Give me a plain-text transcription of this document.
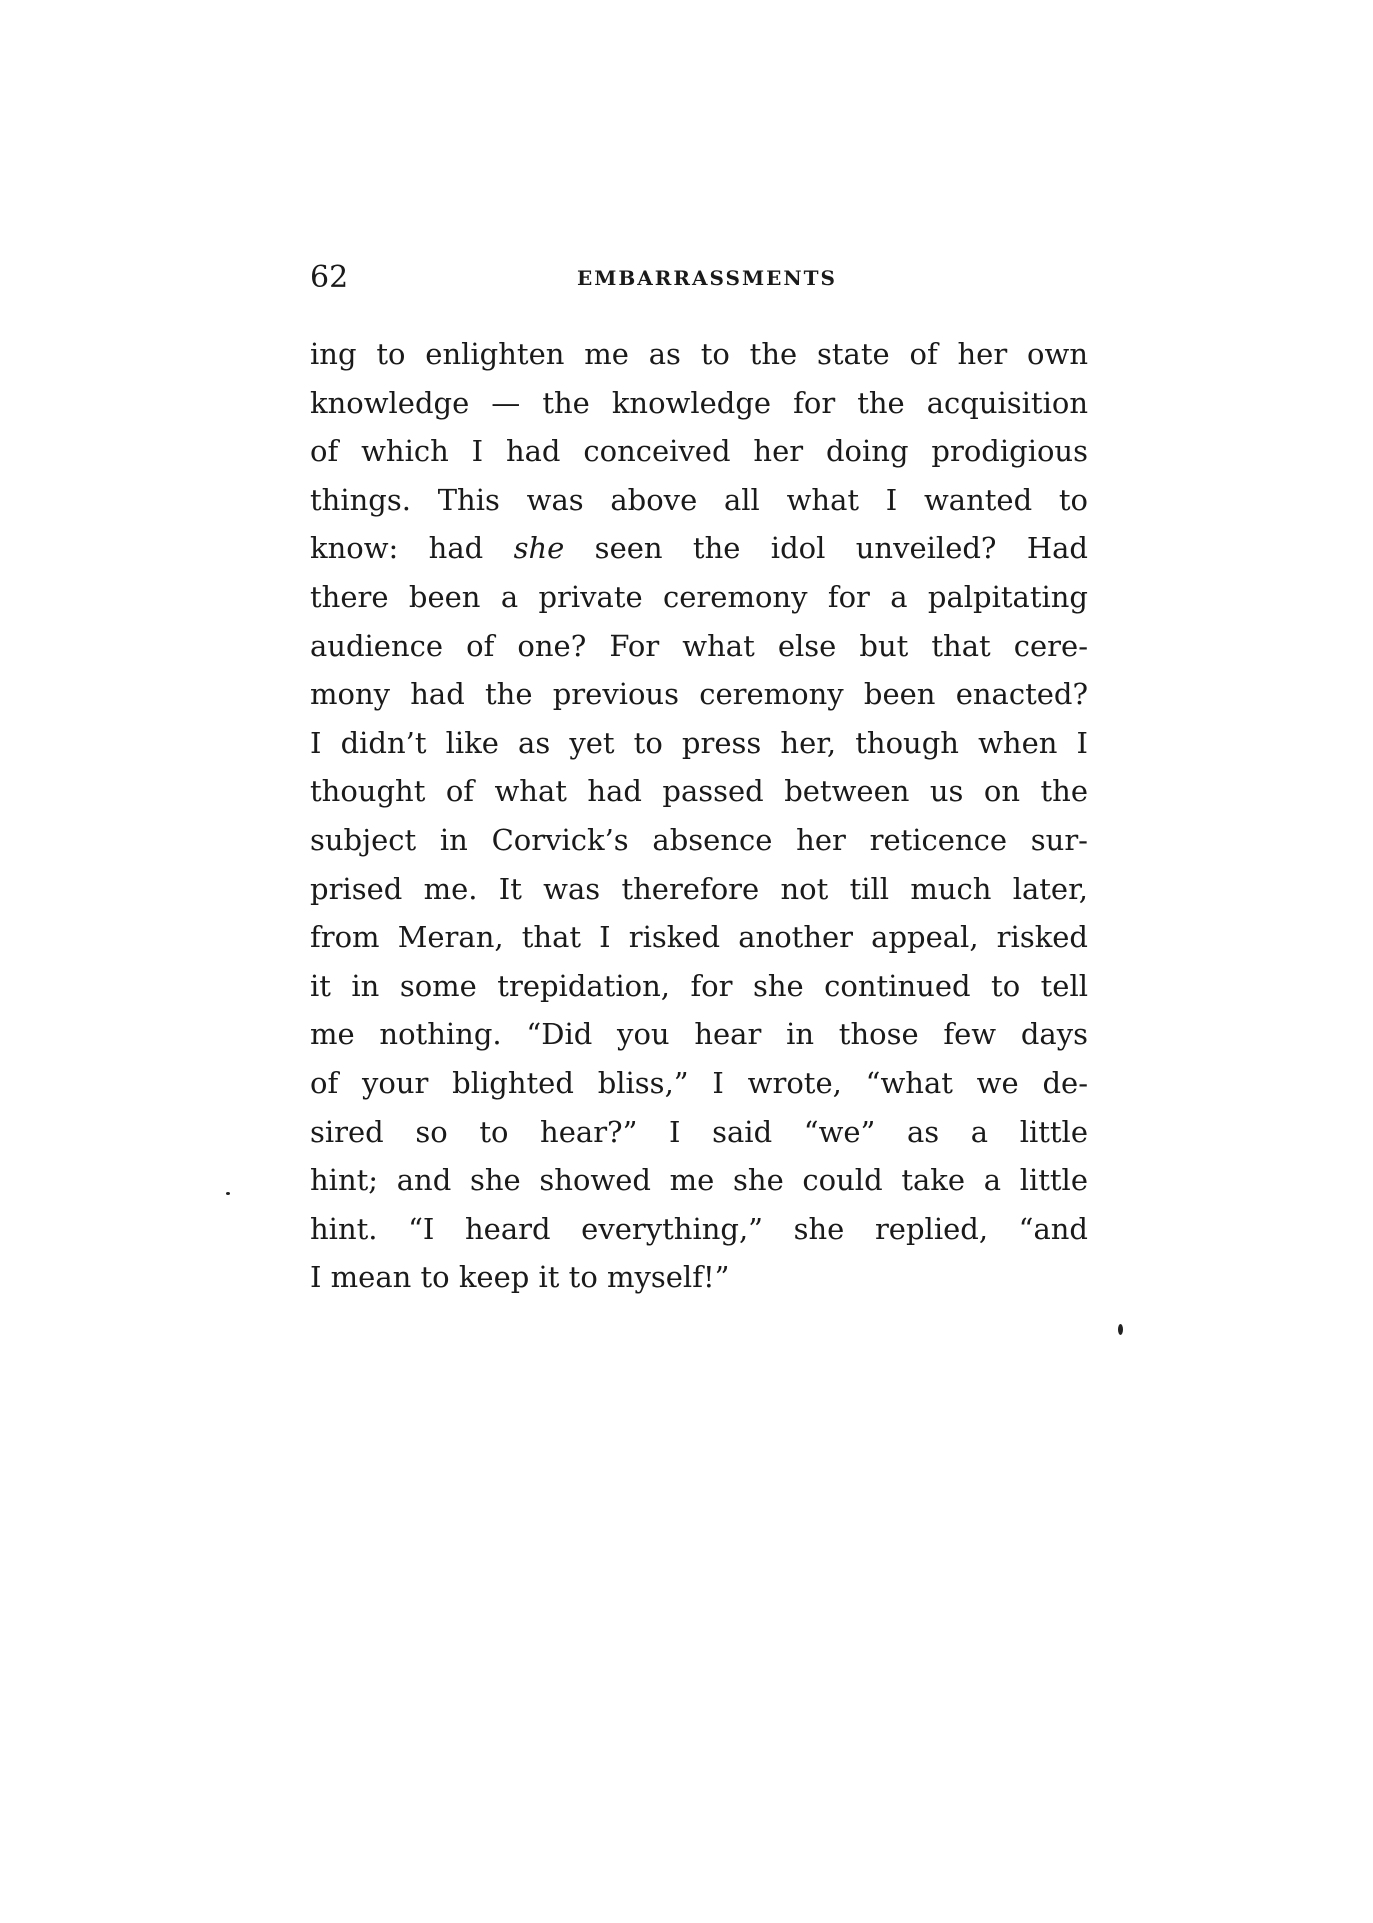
62	EMBARRASSMENTS
ing to enlighten me as to the state of her own
knowledge — the knowledge for the acquisition
of which I had conceived her doing prodigious
things. This was above all what I wanted to
know: had she seen the idol unveiled? Had
there been a private ceremony for a palpitating
audience of one? For what else but that cere-
mony had the previous ceremony been enacted?
I didn’t like as yet to press her, though when I
thought of what had passed between us on the
subject in Corvick’s absence her reticence sur-
prised me. It was therefore not till much later,
from Meran, that I risked another appeal, risked
it in some trepidation, for she continued to tell
me nothing. “Did you hear in those few days
of your blighted bliss,” I wrote, “what we de-
sired so to hear?” I said “we” as a little
hint; and she showed me she could take a little
hint. “I heard everything,” she replied, “and
I mean to keep it to myself!”
